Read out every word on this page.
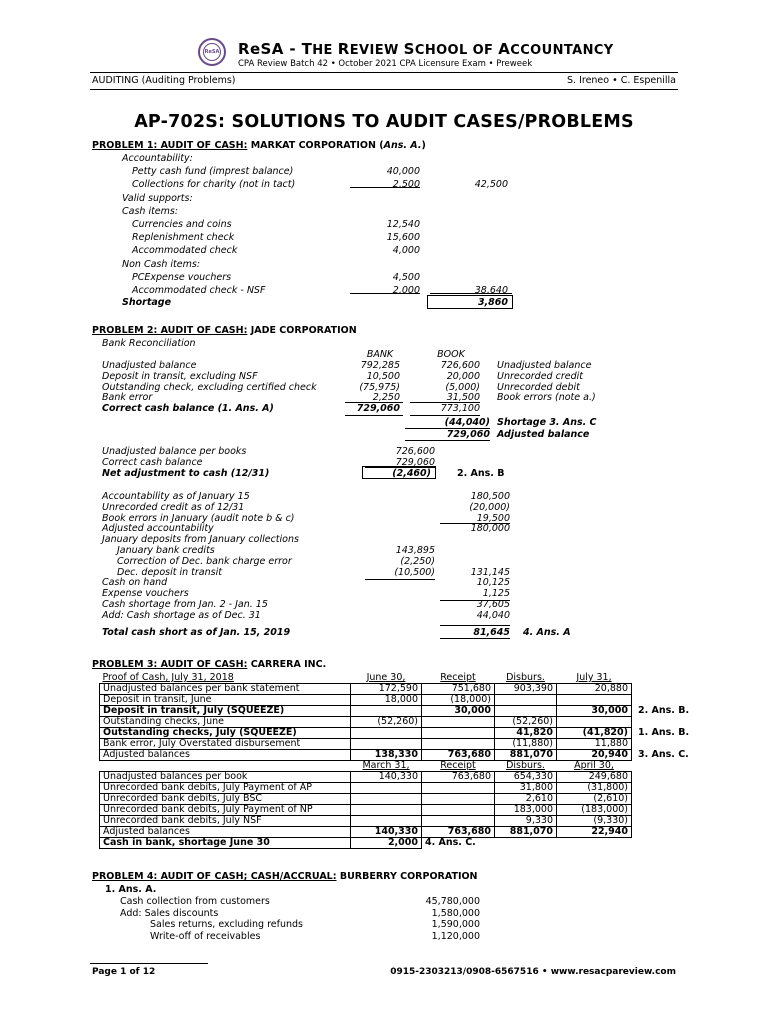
ReSA ReSA - THE REVIEW SCHOOL OF ACCOUNTANCY
CPA Review Batch 42 • October 2021 CPA Licensure Exam • Preweek
AUDITING (Auditing Problems)	S. Ireneo • C. Espenilla
AP-702S: SOLUTIONS TO AUDIT CASES/PROBLEMS
PROBLEM 1: AUDIT OF CASH: MARKAT CORPORATION (Ans. A.)
Accountability:
Petty cash fund (imprest balance)	40,000
Collections for charity (not in tact)	2,500	42,500
Valid supports:
Cash items:
Currencies and coins	12,540
Replenishment check	15,600
Accommodated check	4,000
Non Cash items:
PCExpense vouchers	4,500
Accommodated check - NSF	2,000	38,640
Shortage	3,860
PROBLEM 2: AUDIT OF CASH: JADE CORPORATION
Bank Reconciliation
BANK	BOOK
Unadjusted balance	792,285	726,600 Unadjusted balance
Deposit in transit, excluding NSF	10,500	20,000 Unrecorded credit
Outstanding check, excluding certified check	(75,975)	(5,000) Unrecorded debit
Bank error	2,250	31,500 Book errors (note a.)
Correct cash balance (1. Ans. A)	729,060	773,100
(44,040) Shortage 3. Ans. C
729,060 Adjusted balance
Unadjusted balance per books	726,600
Correct cash balance	729,060
Net adjustment to cash (12/31)	(2,460)	2. Ans. B
Accountability as of January 15	180,500
Unrecorded credit as of 12/31	(20,000)
Book errors in January (audit note b & c)	19,500
Adjusted accountability	180,000
January deposits from January collections
January bank credits	143,895
Correction of Dec. bank charge error	(2,250)
Dec. deposit in transit	(10,500)	131,145
Cash on hand	10,125
Expense vouchers	1,125
Cash shortage from Jan. 2 - Jan. 15	37,605
Add: Cash shortage as of Dec. 31	44,040
Total cash short as of Jan. 15, 2019	81,645 4. Ans. A
PROBLEM 3: AUDIT OF CASH: CARRERA INC.
Proof of Cash, July 31, 2018	June 30,	Receipt	Disburs.	July 31,	
Unadjusted balances per bank statement	172,590	751,680	903,390	20,880	
Deposit in transit, June	18,000	(18,000)			
Deposit in transit, July (SQUEEZE)		30,000		30,000	2. Ans. B.
Outstanding checks, June	(52,260)		(52,260)		
Outstanding checks, July (SQUEEZE)			41,820	(41,820)	1. Ans. B.
Bank error, July Overstated disbursement			(11,880)	11,880	
Adjusted balances	138,330	763,680	881,070	20,940	3. Ans. C.
	March 31,	Receipt	Disburs.	April 30,	
Unadjusted balances per book	140,330	763,680	654,330	249,680	
Unrecorded bank debits, July Payment of AP			31,800	(31,800)	
Unrecorded bank debits, July BSC			2,610	(2,610)	
Unrecorded bank debits, July Payment of NP			183,000	(183,000)	
Unrecorded bank debits, July NSF			9,330	(9,330)	
Adjusted balances	140,330	763,680	881,070	22,940	
Cash in bank, shortage June 30	2,000	4. Ans. C.			
PROBLEM 4: AUDIT OF CASH; CASH/ACCRUAL: BURBERRY CORPORATION
1. Ans. A.
Cash collection from customers	45,780,000
Add: Sales discounts	1,580,000
Sales returns, excluding refunds	1,590,000
Write-off of receivables	1,120,000
Page 1 of 12	0915-2303213/0908-6567516 • www.resacpareview.com
